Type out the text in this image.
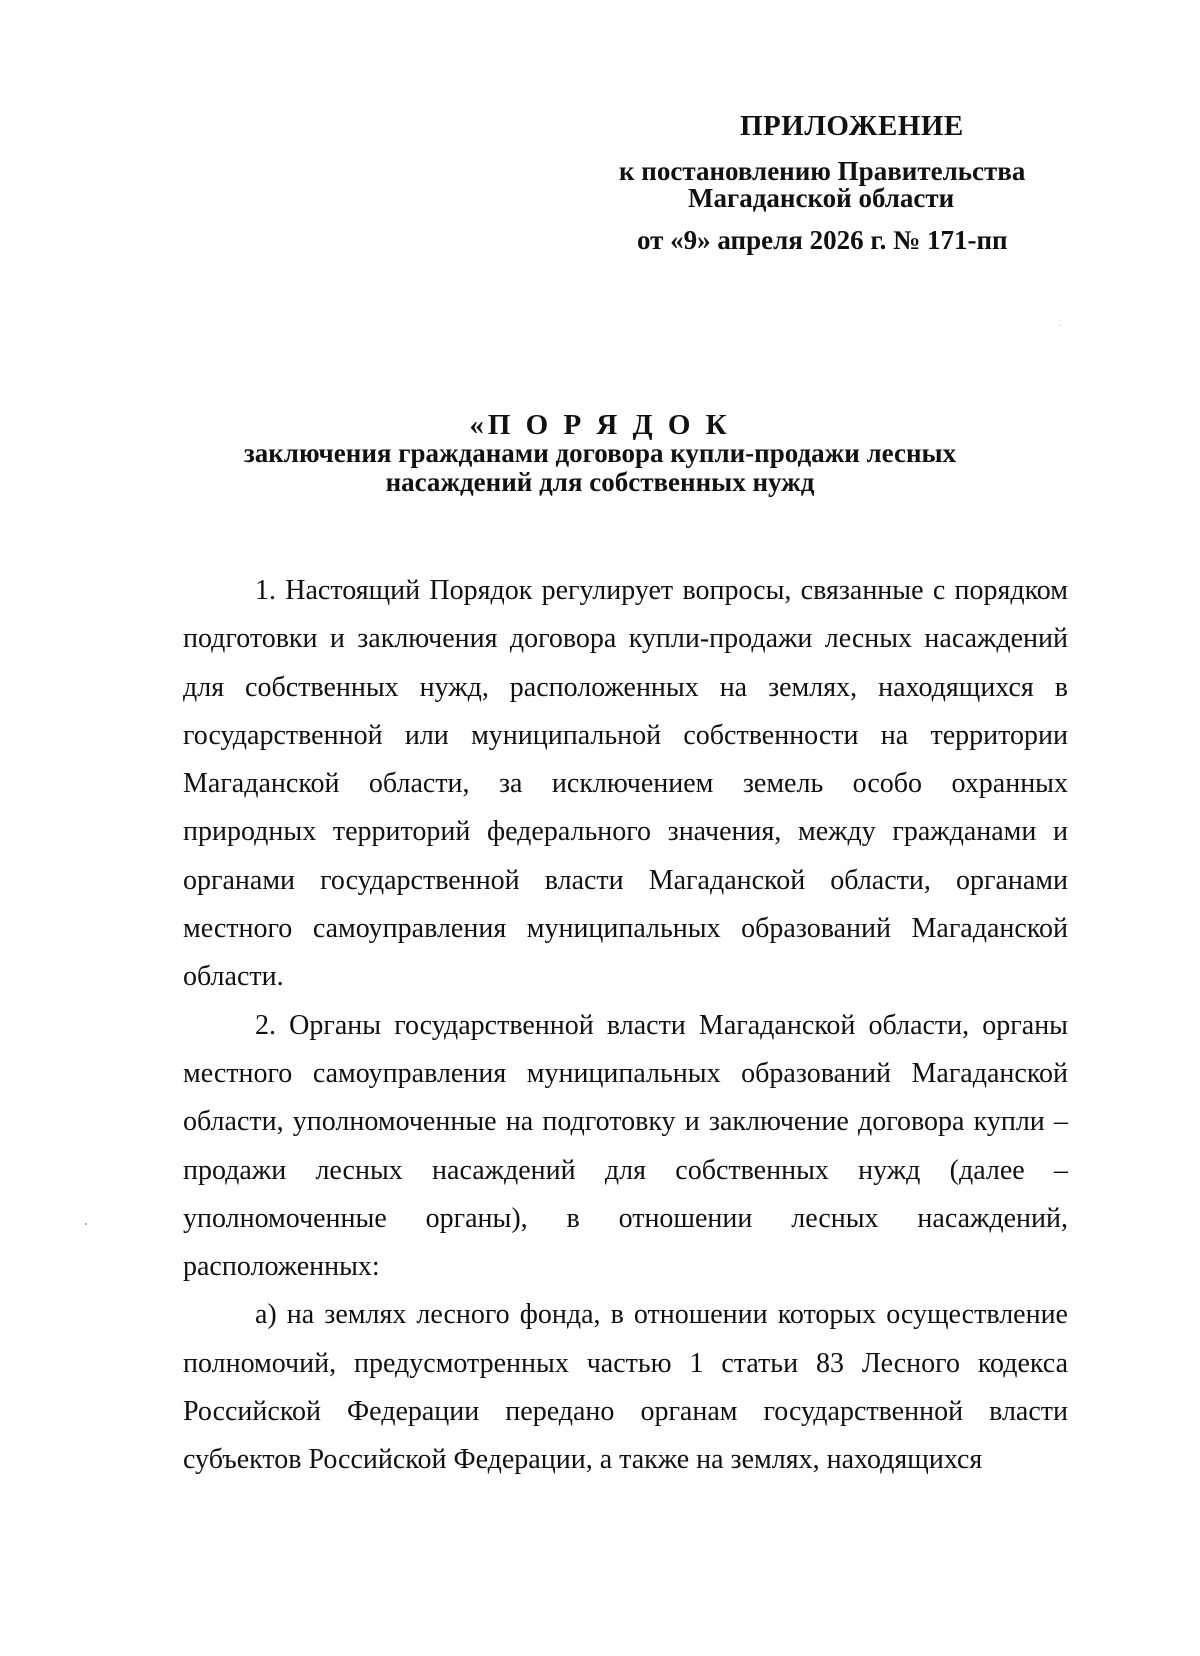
ПРИЛОЖЕНИЕ
к постановлению Правительства
Магаданской области
от «9» апреля 2026 г. № 171-пп
«П О Р Я Д О К
заключения гражданами договора купли-продажи лесных
насаждений для собственных нужд

1. Настоящий Порядок регулирует вопросы, связанные с порядком подготовки и заключения договора купли-продажи лесных насаждений для собственных нужд, расположенных на землях, находящихся в государственной или муниципальной собственности на территории Магаданской области, за исключением земель особо охранных природных территорий федерального значения, между гражданами и органами государственной власти Магаданской области, органами местного самоуправления муниципальных образований Магаданской области.

2. Органы государственной власти Магаданской области, органы местного самоуправления муниципальных образований Магаданской области, уполномоченные на подготовку и заключение договора купли – продажи лесных насаждений для собственных нужд (далее – уполномоченные органы), в отношении лесных насаждений, расположенных:

а) на землях лесного фонда, в отношении которых осуществление полномочий, предусмотренных частью 1 статьи 83 Лесного кодекса Российской Федерации передано органам государственной власти субъектов Российской Федерации, а также на землях, находящихся
